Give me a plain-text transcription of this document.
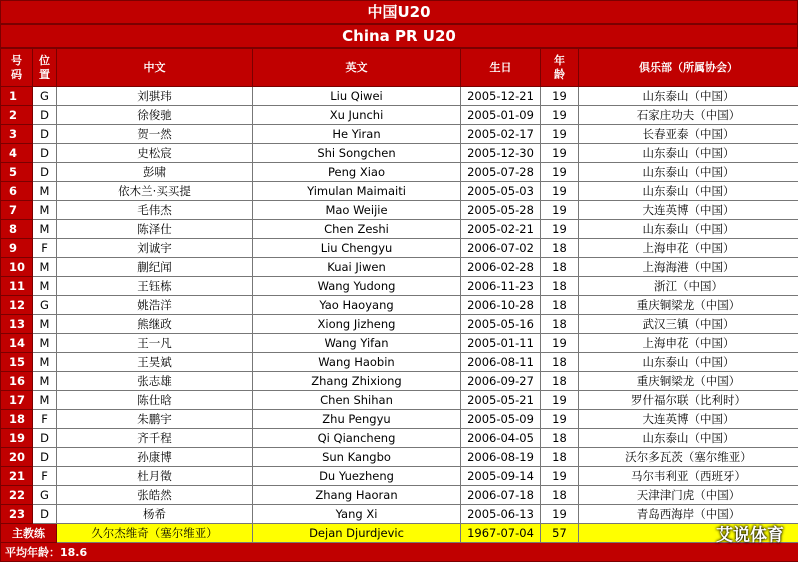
中国U20
China PR U20
号码	位置	中文	英文	生日	年龄	俱乐部（所属协会）
1	G	刘骐玮	Liu Qiwei	2005-12-21	19	山东泰山（中国）
2	D	徐俊驰	Xu Junchi	2005-01-09	19	石家庄功夫（中国）
3	D	贺一然	He Yiran	2005-02-17	19	长春亚泰（中国）
4	D	史松宸	Shi Songchen	2005-12-30	19	山东泰山（中国）
5	D	彭啸	Peng Xiao	2005-07-28	19	山东泰山（中国）
6	M	依木兰·买买提	Yimulan Maimaiti	2005-05-03	19	山东泰山（中国）
7	M	毛伟杰	Mao Weijie	2005-05-28	19	大连英博（中国）
8	M	陈泽仕	Chen Zeshi	2005-02-21	19	山东泰山（中国）
9	F	刘诚宇	Liu Chengyu	2006-07-02	18	上海申花（中国）
10	M	蒯纪闻	Kuai Jiwen	2006-02-28	18	上海海港（中国）
11	M	王钰栋	Wang Yudong	2006-11-23	18	浙江（中国）
12	G	姚浩洋	Yao Haoyang	2006-10-28	18	重庆铜梁龙（中国）
13	M	熊继政	Xiong Jizheng	2005-05-16	18	武汉三镇（中国）
14	M	王一凡	Wang Yifan	2005-01-11	19	上海申花（中国）
15	M	王昊斌	Wang Haobin	2006-08-11	18	山东泰山（中国）
16	M	张志雄	Zhang Zhixiong	2006-09-27	18	重庆铜梁龙（中国）
17	M	陈仕晗	Chen Shihan	2005-05-21	19	罗什福尔联（比利时）
18	F	朱鹏宇	Zhu Pengyu	2005-05-09	19	大连英博（中国）
19	D	齐千程	Qi Qiancheng	2006-04-05	18	山东泰山（中国）
20	D	孙康博	Sun Kangbo	2006-08-19	18	沃尔多瓦茨（塞尔维亚）
21	F	杜月徵	Du Yuezheng	2005-09-14	19	马尔韦利亚（西班牙）
22	G	张皓然	Zhang Haoran	2006-07-18	18	天津津门虎（中国）
23	D	杨希	Yang Xi	2005-06-13	19	青岛西海岸（中国）
主教练		久尔杰维奇（塞尔维亚）	Dejan Djurdjevic	1967-07-04	57	
平均年龄：18.6						
艾说体育
